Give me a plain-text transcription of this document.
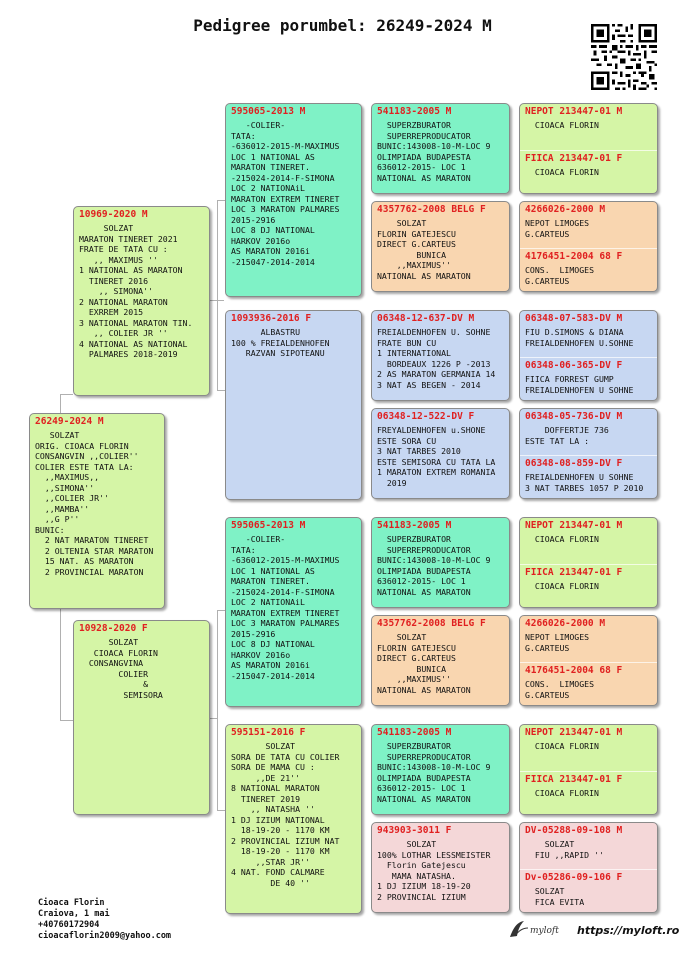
Pedigree porumbel: 26249-2024 M
26249-2024 M
SOLZAT
ORIG. CIOACA FLORIN
CONSANGVIN ,,COLIER''
COLIER ESTE TATA LA:
,,MAXIMUS,,
,,SIMONA''
,,COLIER JR''
,,MAMBA''
,,G P''
BUNIC:
2 NAT MARATON TINERET
2 OLTENIA STAR MARATON
15 NAT. AS MARATON
2 PROVINCIAL MARATON
10969-2020 M
SOLZAT
MARATON TINERET 2021
FRATE DE TATA CU :
,, MAXIMUS ''
1 NATIONAL AS MARATON
TINERET 2016
,, SIMONA''
2 NATIONAL MARATON
EXRREM 2015
3 NATIONAL MARATON TIN.
,, COLIER JR ''
4 NATIONAL AS NATIONAL
PALMARES 2018-2019
10928-2020 F
SOLZAT
CIOACA FLORIN
CONSANGVINA
COLIER
&
SEMISORA
595065-2013 M
-COLIER-
TATA:
-636012-2015-M-MAXIMUS
LOC 1 NATIONAL AS
MARATON TINERET.
-215024-2014-F-SIMONA
LOC 2 NATIONAiL
MARATON EXTREM TINERET
LOC 3 MARATON PALMARES
2015-2916
LOC 8 DJ NATIONAL
HARKOV 2016o
AS MARATON 2016i
-215047-2014-2014
1093936-2016 F
ALBASTRU
100 % FREIALDENHOFEN
RAZVAN SIPOTEANU
595065-2013 M
-COLIER-
TATA:
-636012-2015-M-MAXIMUS
LOC 1 NATIONAL AS
MARATON TINERET.
-215024-2014-F-SIMONA
LOC 2 NATIONAiL
MARATON EXTREM TINERET
LOC 3 MARATON PALMARES
2015-2916
LOC 8 DJ NATIONAL
HARKOV 2016o
AS MARATON 2016i
-215047-2014-2014
595151-2016 F
SOLZAT
SORA DE TATA CU COLIER
SORA DE MAMA CU :
,,DE 21''
8 NATIONAL MARATON
TINERET 2019
,, NATASHA ''
1 DJ IZIUM NATIONAL
18-19-20 - 1170 KM
2 PROVINCIAL IZIUM NAT
18-19-20 - 1170 KM
,,STAR JR''
4 NAT. FOND CALMARE
DE 40 ''
541183-2005 M
SUPERZBURATOR
SUPERREPRODUCATOR
BUNIC:143008-10-M-LOC 9
OLIMPIADA BUDAPESTA
636012-2015- LOC 1
NATIONAL AS MARATON
4357762-2008 BELG F
SOLZAT
FLORIN GATEJESCU
DIRECT G.CARTEUS
BUNICA
,,MAXIMUS''
NATIONAL AS MARATON
06348-12-637-DV M
FREIALDENHOFEN U. SOHNE
FRATE BUN CU
1 INTERNATIONAL
BORDEAUX 1226 P -2013
2 AS MARATON GERMANIA 14
3 NAT AS BEGEN - 2014
06348-12-522-DV F
FREYALDENHOFEN u.SHONE
ESTE SORA CU
3 NAT TARBES 2010
ESTE SEMISORA CU TATA LA
1 MARATON EXTREM ROMANIA
2019
541183-2005 M
SUPERZBURATOR
SUPERREPRODUCATOR
BUNIC:143008-10-M-LOC 9
OLIMPIADA BUDAPESTA
636012-2015- LOC 1
NATIONAL AS MARATON
4357762-2008 BELG F
SOLZAT
FLORIN GATEJESCU
DIRECT G.CARTEUS
BUNICA
,,MAXIMUS''
NATIONAL AS MARATON
541183-2005 M
SUPERZBURATOR
SUPERREPRODUCATOR
BUNIC:143008-10-M-LOC 9
OLIMPIADA BUDAPESTA
636012-2015- LOC 1
NATIONAL AS MARATON
943903-3011 F
SOLZAT
100% LOTHAR LESSMEISTER
Florin Gatejescu
MAMA NATASHA.
1 DJ IZIUM 18-19-20
2 PROVINCIAL IZIUM
NEPOT 213447-01 M
CIOACA FLORIN
FIICA 213447-01 F
CIOACA FLORIN
4266026-2000 M
NEPOT LIMOGES
G.CARTEUS
4176451-2004 68 F
CONS.  LIMOGES
G.CARTEUS
06348-07-583-DV M
FIU D.SIMONS & DIANA
FREIALDENHOFEN U.SOHNE
06348-06-365-DV F
FIICA FORREST GUMP
FREIALDENHOFEN U SOHNE
06348-05-736-DV M
DOFFERTJE 736
ESTE TAT LA :
06348-08-859-DV F
FREIALDENHOFEN U SOHNE
3 NAT TARBES 1057 P 2010
NEPOT 213447-01 M
CIOACA FLORIN
FIICA 213447-01 F
CIOACA FLORIN
4266026-2000 M
NEPOT LIMOGES
G.CARTEUS
4176451-2004 68 F
CONS.  LIMOGES
G.CARTEUS
NEPOT 213447-01 M
CIOACA FLORIN
FIICA 213447-01 F
CIOACA FLORIN
DV-05288-09-108 M
SOLZAT
FIU ,,RAPID ''
Dv-05286-09-106 F
SOLZAT
FICA EVITA
Cioaca Florin
Craiova, 1 mai
+40760172904
cioacaflorin2009@yahoo.com	myloft https://myloft.ro
